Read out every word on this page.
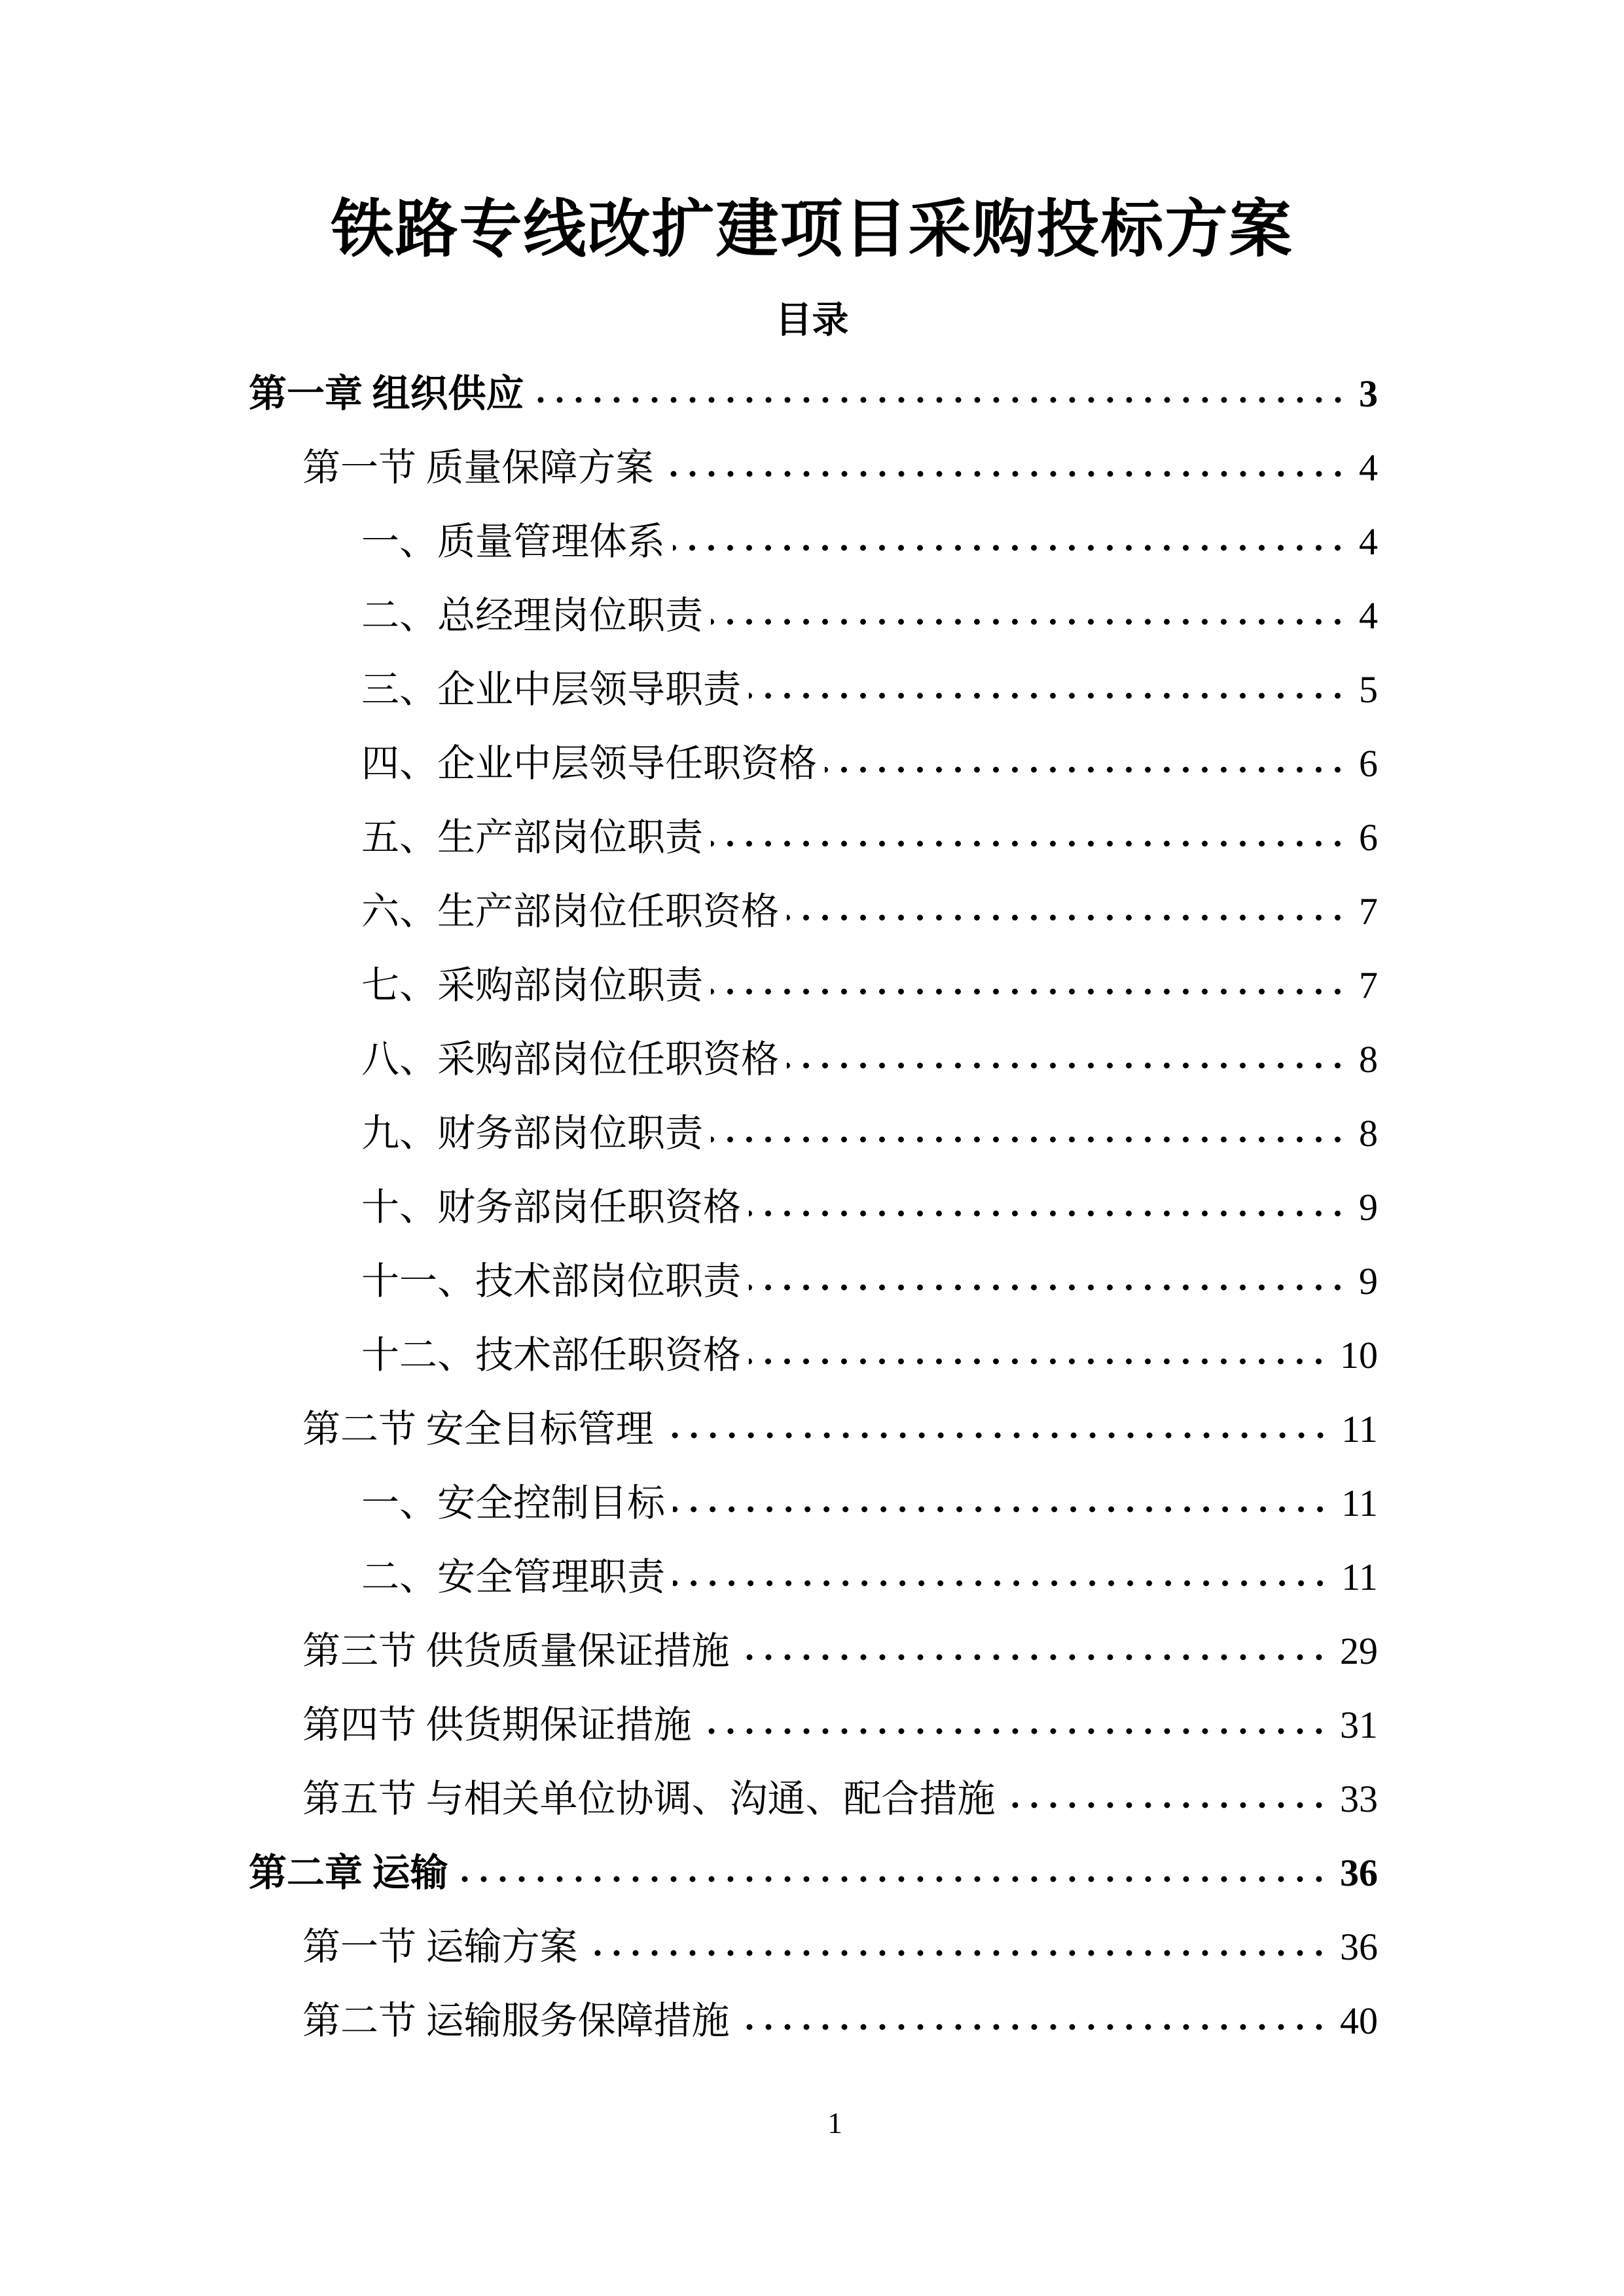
铁路专线改扩建项目采购投标方案
目录
第一章 组织供应	3
第一节 质量保障方案	4
一、质量管理体系	4
二、总经理岗位职责	4
三、企业中层领导职责	5
四、企业中层领导任职资格	6
五、生产部岗位职责	6
六、生产部岗位任职资格	7
七、采购部岗位职责	7
八、采购部岗位任职资格	8
九、财务部岗位职责	8
十、财务部岗任职资格	9
十一、技术部岗位职责	9
十二、技术部任职资格	10
第二节 安全目标管理	11
一、安全控制目标	11
二、安全管理职责	11
第三节 供货质量保证措施	29
第四节 供货期保证措施	31
第五节 与相关单位协调、沟通、配合措施	33
第二章 运输	36
第一节 运输方案	36
第二节 运输服务保障措施	40
1
